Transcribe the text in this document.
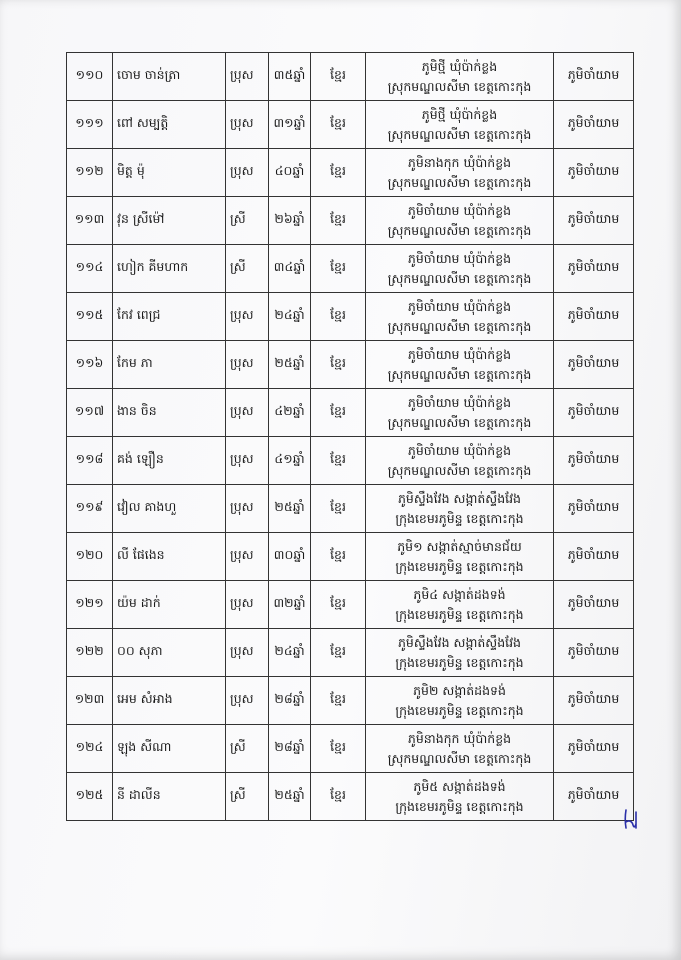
១១០	ចោម ចាន់ត្រា	ប្រុស	៣៥ឆ្នាំ	ខ្មែរ	ភូមិថ្មី ឃុំប៉ាក់ខ្លង
ស្រុកមណ្ឌលសីមា ខេត្តកោះកុង	ភូមិចាំយាម
១១១	ពៅ សម្បត្តិ	ប្រុស	៣១ឆ្នាំ	ខ្មែរ	ភូមិថ្មី ឃុំប៉ាក់ខ្លង
ស្រុកមណ្ឌលសីមា ខេត្តកោះកុង	ភូមិចាំយាម
១១២	មិត្ត ម៉ុ	ប្រុស	៤០ឆ្នាំ	ខ្មែរ	ភូមិនាងកុក ឃុំប៉ាក់ខ្លង
ស្រុកមណ្ឌលសីមា ខេត្តកោះកុង	ភូមិចាំយាម
១១៣	វុន ស្រីម៉ៅ	ស្រី	២៦ឆ្នាំ	ខ្មែរ	ភូមិចាំយាម ឃុំប៉ាក់ខ្លង
ស្រុកមណ្ឌលសីមា ខេត្តកោះកុង	ភូមិចាំយាម
១១៤	ហៀក គីមហាក	ស្រី	៣៤ឆ្នាំ	ខ្មែរ	ភូមិចាំយាម ឃុំប៉ាក់ខ្លង
ស្រុកមណ្ឌលសីមា ខេត្តកោះកុង	ភូមិចាំយាម
១១៥	កែវ ពេជ្រ	ប្រុស	២៤ឆ្នាំ	ខ្មែរ	ភូមិចាំយាម ឃុំប៉ាក់ខ្លង
ស្រុកមណ្ឌលសីមា ខេត្តកោះកុង	ភូមិចាំយាម
១១៦	កែម ភា	ប្រុស	២៥ឆ្នាំ	ខ្មែរ	ភូមិចាំយាម ឃុំប៉ាក់ខ្លង
ស្រុកមណ្ឌលសីមា ខេត្តកោះកុង	ភូមិចាំយាម
១១៧	ងាន ចិន	ប្រុស	៤២ឆ្នាំ	ខ្មែរ	ភូមិចាំយាម ឃុំប៉ាក់ខ្លង
ស្រុកមណ្ឌលសីមា ខេត្តកោះកុង	ភូមិចាំយាម
១១៨	គង់ ឡឿន	ប្រុស	៤១ឆ្នាំ	ខ្មែរ	ភូមិចាំយាម ឃុំប៉ាក់ខ្លង
ស្រុកមណ្ឌលសីមា ខេត្តកោះកុង	ភូមិចាំយាម
១១៩	វៀល គាងហួ	ប្រុស	២៥ឆ្នាំ	ខ្មែរ	ភូមិស្ទឹងវែង សង្កាត់ស្ទឹងវែង
ក្រុងខេមរភូមិន្ទ ខេត្តកោះកុង	ភូមិចាំយាម
១២០	លី ផែងេន	ប្រុស	៣០ឆ្នាំ	ខ្មែរ	ភូមិ១ សង្កាត់ស្មាច់មានជ័យ
ក្រុងខេមរភូមិន្ទ ខេត្តកោះកុង	ភូមិចាំយាម
១២១	យ៉ម ដាក់	ប្រុស	៣២ឆ្នាំ	ខ្មែរ	ភូមិ៤ សង្កាត់ដងទង់
ក្រុងខេមរភូមិន្ទ ខេត្តកោះកុង	ភូមិចាំយាម
១២២	០០ សុភា	ប្រុស	២៤ឆ្នាំ	ខ្មែរ	ភូមិស្ទឹងវែង សង្កាត់ស្ទឹងវែង
ក្រុងខេមរភូមិន្ទ ខេត្តកោះកុង	ភូមិចាំយាម
១២៣	អេម សំអាង	ប្រុស	២៨ឆ្នាំ	ខ្មែរ	ភូមិ២ សង្កាត់ដងទង់
ក្រុងខេមរភូមិន្ទ ខេត្តកោះកុង	ភូមិចាំយាម
១២៤	ឡុង សីណា	ស្រី	២៨ឆ្នាំ	ខ្មែរ	ភូមិនាងកុក ឃុំប៉ាក់ខ្លង
ស្រុកមណ្ឌលសីមា ខេត្តកោះកុង	ភូមិចាំយាម
១២៥	នី ដាលីន	ស្រី	២៥ឆ្នាំ	ខ្មែរ	ភូមិ៥ សង្កាត់ដងទង់
ក្រុងខេមរភូមិន្ទ ខេត្តកោះកុង	ភូមិចាំយាម
